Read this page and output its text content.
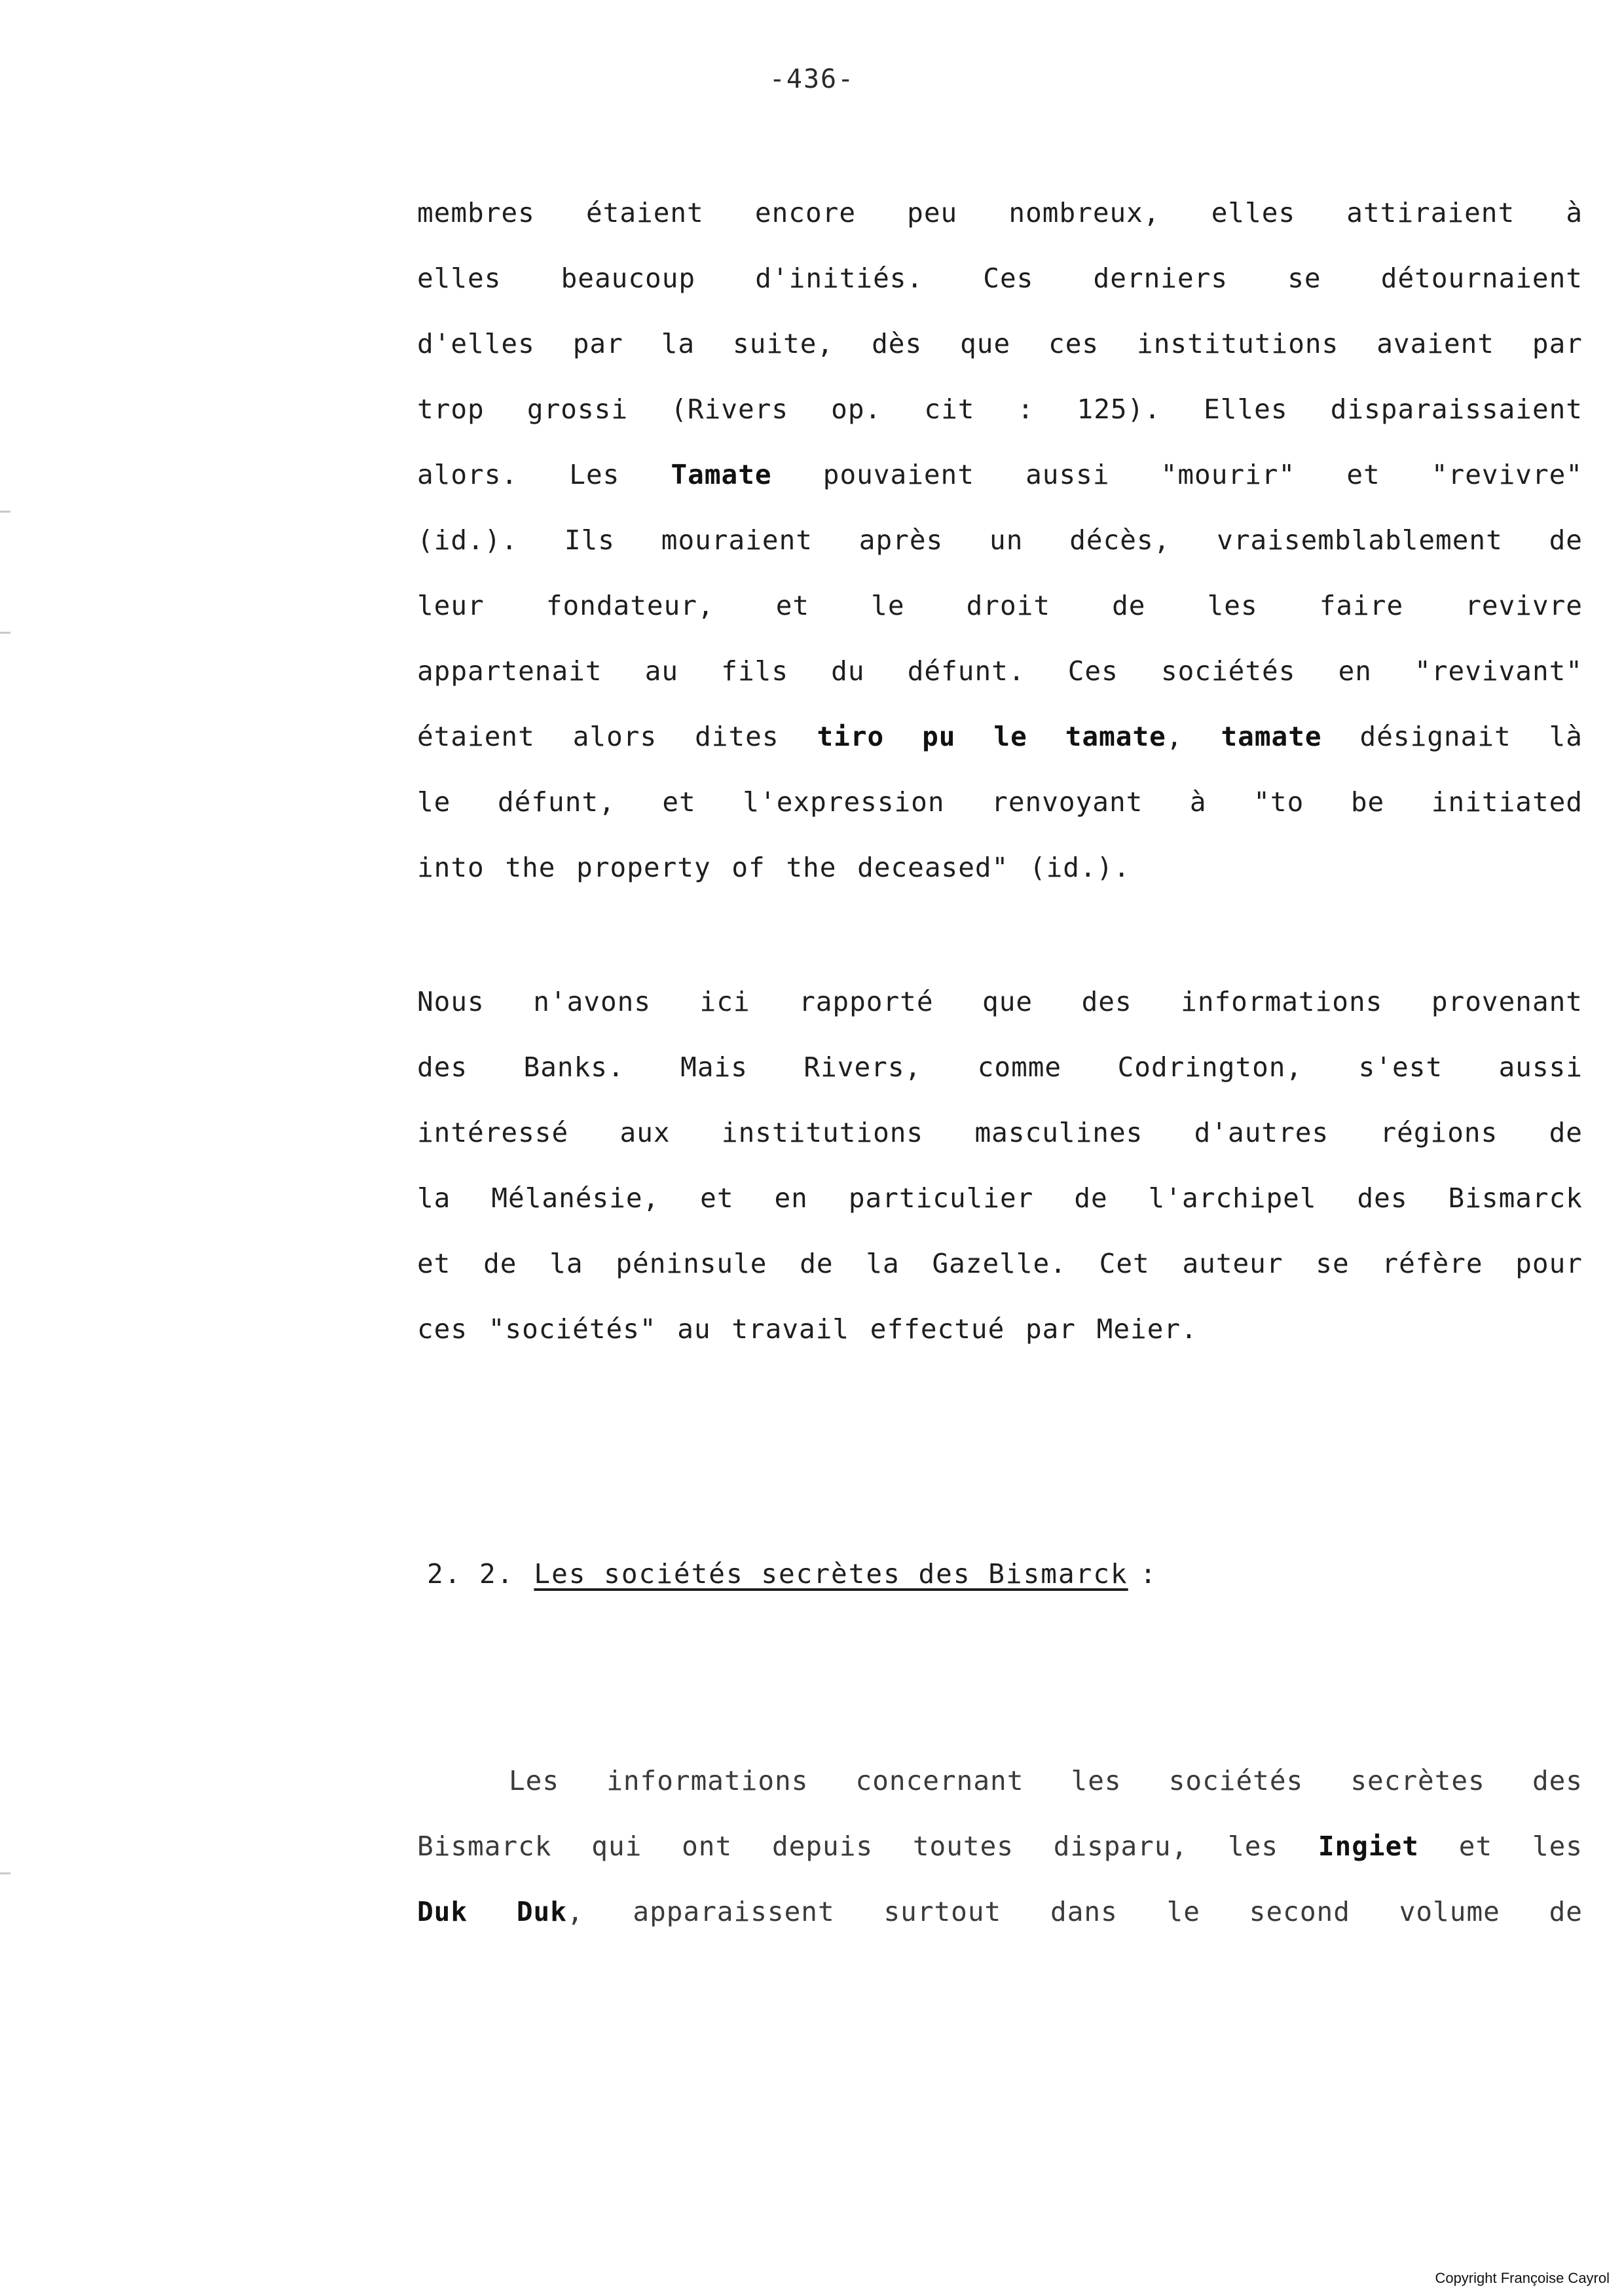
-436-
membres étaient encore peu nombreux, elles attiraient à
elles beaucoup d'initiés. Ces derniers se détournaient
d'elles par la suite, dès que ces institutions avaient par
trop grossi (Rivers op. cit : 125). Elles disparaissaient
alors. Les Tamate pouvaient aussi "mourir" et "revivre"
(id.). Ils mouraient après un décès, vraisemblablement de
leur fondateur, et le droit de les faire revivre
appartenait au fils du défunt. Ces sociétés en "revivant"
étaient alors dites tiro pu le tamate, tamate désignait là
le défunt, et l'expression renvoyant à "to be initiated
into the property of the deceased" (id.).
Nous n'avons ici rapporté que des informations provenant
des Banks. Mais Rivers, comme Codrington, s'est aussi
intéressé aux institutions masculines d'autres régions de
la Mélanésie, et en particulier de l'archipel des Bismarck
et de la péninsule de la Gazelle. Cet auteur se réfère pour
ces "sociétés" au travail effectué par Meier.
2. 2. Les sociétés secrètes des Bismarck :
Les informations concernant les sociétés secrètes des
Bismarck qui ont depuis toutes disparu, les Ingiet et les
Duk Duk, apparaissent surtout dans le second volume de
Copyright Françoise Cayrol
